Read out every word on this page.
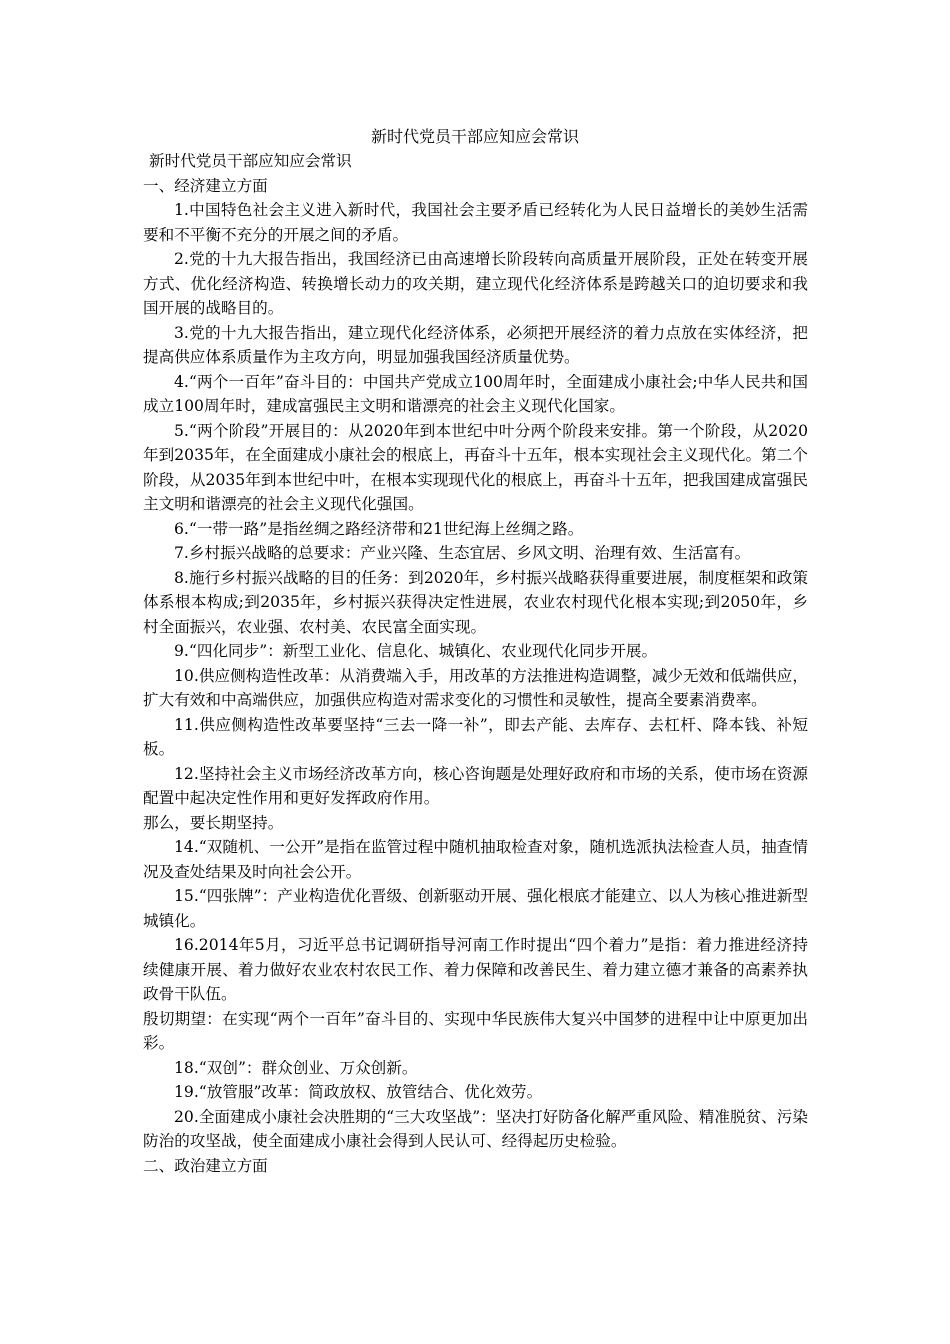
新时代党员干部应知应会常识

新时代党员干部应知应会常识

一、经济建立方面

1.中国特色社会主义进入新时代，我国社会主要矛盾已经转化为人民日益增长的美妙生活需要和不平衡不充分的开展之间的矛盾。

2.党的十九大报告指出，我国经济已由高速增长阶段转向高质量开展阶段，正处在转变开展方式、优化经济构造、转换增长动力的攻关期，建立现代化经济体系是跨越关口的迫切要求和我国开展的战略目的。

3.党的十九大报告指出，建立现代化经济体系，必须把开展经济的着力点放在实体经济，把提高供应体系质量作为主攻方向，明显加强我国经济质量优势。

4.“两个一百年”奋斗目的：中国共产党成立100周年时，全面建成小康社会;中华人民共和国成立100周年时，建成富强民主文明和谐漂亮的社会主义现代化国家。

5.“两个阶段”开展目的：从2020年到本世纪中叶分两个阶段来安排。第一个阶段，从2020年到2035年，在全面建成小康社会的根底上，再奋斗十五年，根本实现社会主义现代化。第二个阶段，从2035年到本世纪中叶，在根本实现现代化的根底上，再奋斗十五年，把我国建成富强民主文明和谐漂亮的社会主义现代化强国。

6.“一带一路”是指丝绸之路经济带和21世纪海上丝绸之路。

7.乡村振兴战略的总要求：产业兴隆、生态宜居、乡风文明、治理有效、生活富有。

8.施行乡村振兴战略的目的任务：到2020年，乡村振兴战略获得重要进展，制度框架和政策体系根本构成;到2035年，乡村振兴获得决定性进展，农业农村现代化根本实现;到2050年，乡村全面振兴，农业强、农村美、农民富全面实现。

9.“四化同步”：新型工业化、信息化、城镇化、农业现代化同步开展。

10.供应侧构造性改革：从消费端入手，用改革的方法推进构造调整，减少无效和低端供应，扩大有效和中高端供应，加强供应构造对需求变化的习惯性和灵敏性，提高全要素消费率。

11.供应侧构造性改革要坚持“三去一降一补”，即去产能、去库存、去杠杆、降本钱、补短板。

12.坚持社会主义市场经济改革方向，核心咨询题是处理好政府和市场的关系，使市场在资源配置中起决定性作用和更好发挥政府作用。

那么，要长期坚持。

14.“双随机、一公开”是指在监管过程中随机抽取检查对象，随机选派执法检查人员，抽查情况及查处结果及时向社会公开。

15.“四张牌”：产业构造优化晋级、创新驱动开展、强化根底才能建立、以人为核心推进新型城镇化。

16.2014年5月，习近平总书记调研指导河南工作时提出“四个着力”是指：着力推进经济持续健康开展、着力做好农业农村农民工作、着力保障和改善民生、着力建立德才兼备的高素养执政骨干队伍。

殷切期望：在实现“两个一百年”奋斗目的、实现中华民族伟大复兴中国梦的进程中让中原更加出彩。

18.“双创”：群众创业、万众创新。

19.“放管服”改革：简政放权、放管结合、优化效劳。

20.全面建成小康社会决胜期的“三大攻坚战”：坚决打好防备化解严重风险、精准脱贫、污染防治的攻坚战，使全面建成小康社会得到人民认可、经得起历史检验。

二、政治建立方面
